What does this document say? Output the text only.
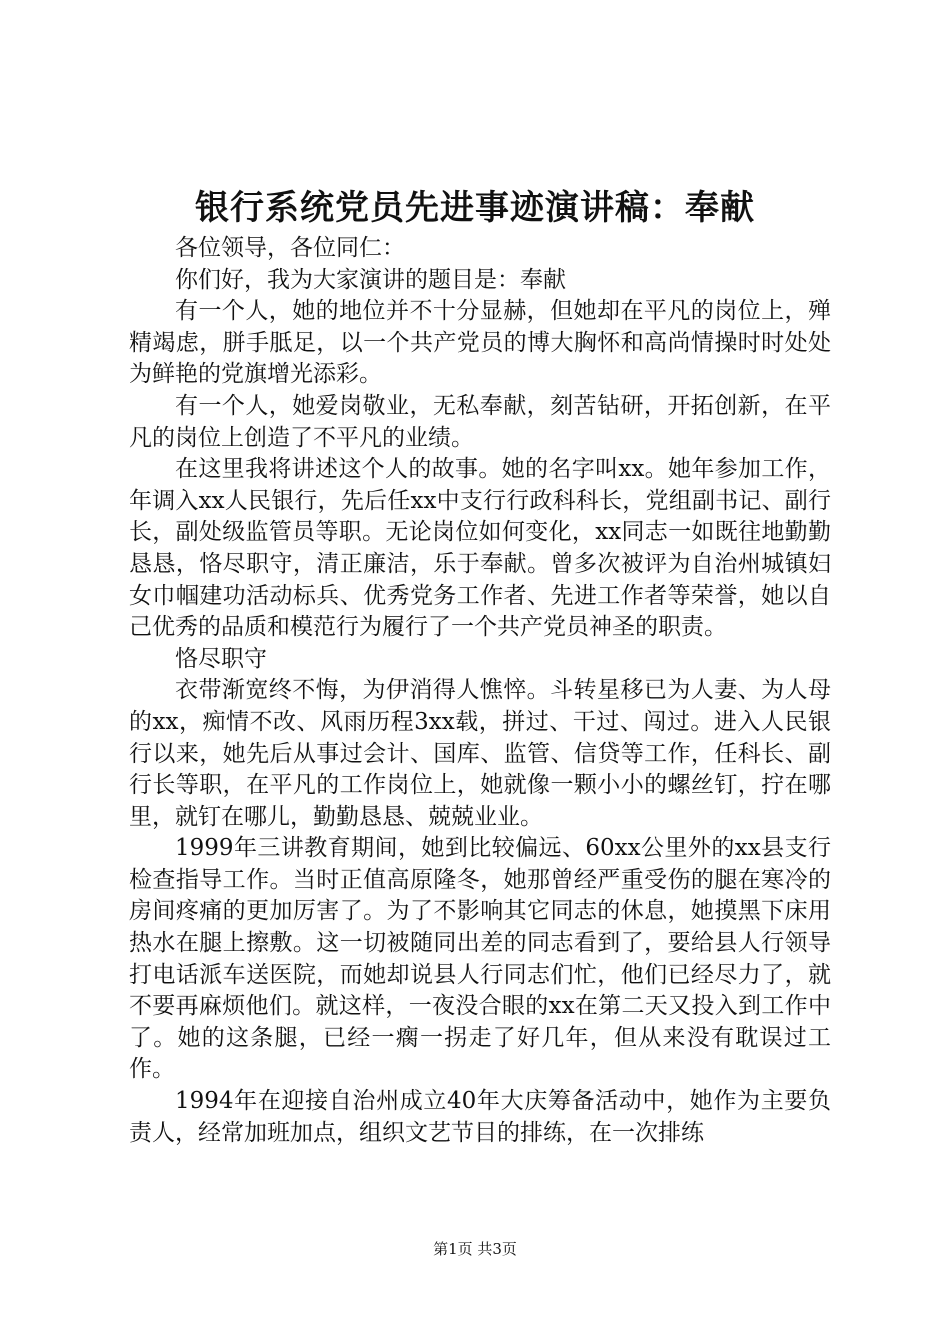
银行系统党员先进事迹演讲稿：奉献

各位领导，各位同仁：

你们好，我为大家演讲的题目是：奉献

有一个人，她的地位并不十分显赫，但她却在平凡的岗位上，殚精竭虑，胼手胝足，以一个共产党员的博大胸怀和高尚情操时时处处为鲜艳的党旗增光添彩。

有一个人，她爱岗敬业，无私奉献，刻苦钻研，开拓创新，在平凡的岗位上创造了不平凡的业绩。

在这里我将讲述这个人的故事。她的名字叫xx。她年参加工作，年调入xx人民银行，先后任xx中支行行政科科长，党组副书记、副行长，副处级监管员等职。无论岗位如何变化，xx同志一如既往地勤勤恳恳，恪尽职守，清正廉洁，乐于奉献。曾多次被评为自治州城镇妇女巾帼建功活动标兵、优秀党务工作者、先进工作者等荣誉，她以自己优秀的品质和模范行为履行了一个共产党员神圣的职责。

恪尽职守

衣带渐宽终不悔，为伊消得人憔悴。斗转星移已为人妻、为人母的xx，痴情不改、风雨历程3xx载，拼过、干过、闯过。进入人民银行以来，她先后从事过会计、国库、监管、信贷等工作，任科长、副行长等职，在平凡的工作岗位上，她就像一颗小小的螺丝钉，拧在哪里，就钉在哪儿，勤勤恳恳、兢兢业业。

1999年三讲教育期间，她到比较偏远、60xx公里外的xx县支行检查指导工作。当时正值高原隆冬，她那曾经严重受伤的腿在寒冷的房间疼痛的更加厉害了。为了不影响其它同志的休息，她摸黑下床用热水在腿上擦敷。这一切被随同出差的同志看到了，要给县人行领导打电话派车送医院，而她却说县人行同志们忙，他们已经尽力了，就不要再麻烦他们。就这样，一夜没合眼的xx在第二天又投入到工作中了。她的这条腿，已经一瘸一拐走了好几年，但从来没有耽误过工作。

1994年在迎接自治州成立40年大庆筹备活动中，她作为主要负责人，经常加班加点，组织文艺节目的排练，在一次排练

第1页 共3页
